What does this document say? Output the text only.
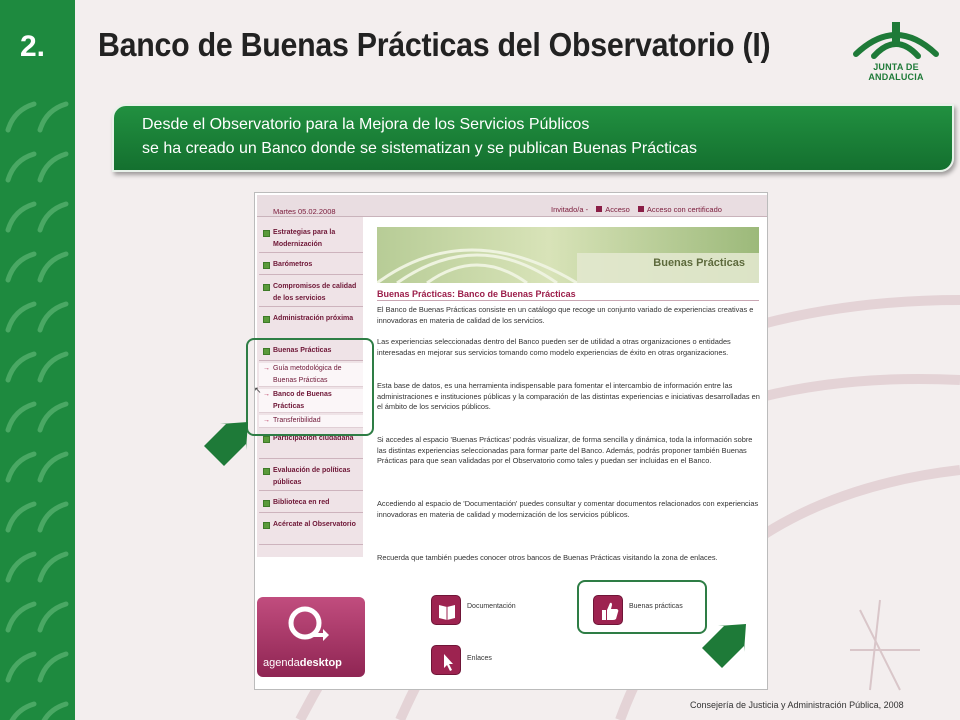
2. Banco de Buenas Prácticas del Observatorio (I)
JUNTA DE ANDALUCIA

Desde el Observatorio para la Mejora de los Servicios Públicos

se ha creado un Banco donde se sistematizan y se publican Buenas Prácticas

Martes 05.02.2008	Invitado/a - Acceso Acceso con certificado
Estrategias para la Modernización
Barómetros
Compromisos de calidad de los servicios
Administración próxima
Buenas Prácticas
→ Guía metodológica de Buenas Prácticas
→ Banco de Buenas Prácticas
→ Transferibilidad
Participación ciudadana
Evaluación de políticas públicas
Biblioteca en red
Acércate al Observatorio
Buenas Prácticas
Buenas Prácticas: Banco de Buenas Prácticas

El Banco de Buenas Prácticas consiste en un catálogo que recoge un conjunto variado de experiencias creativas e innovadoras en materia de calidad de los servicios.

Las experiencias seleccionadas dentro del Banco pueden ser de utilidad a otras organizaciones o entidades interesadas en mejorar sus servicios tomando como modelo experiencias de éxito en otras organizaciones.

Esta base de datos, es una herramienta indispensable para fomentar el intercambio de información entre las administraciones e instituciones públicas y la comparación de las distintas experiencias e iniciativas desarrolladas en el ámbito de los servicios públicos.

Si accedes al espacio 'Buenas Prácticas' podrás visualizar, de forma sencilla y dinámica, toda la información sobre las distintas experiencias seleccionadas para formar parte del Banco. Además, podrás proponer también Buenas Prácticas para que sean validadas por el Observatorio como tales y puedan ser incluidas en el Banco.

Accediendo al espacio de 'Documentación' puedes consultar y comentar documentos relacionados con experiencias innovadoras en materia de calidad y modernización de los servicios públicos.

Recuerda que también puedes conocer otros bancos de Buenas Prácticas visitando la zona de enlaces.

Documentación	Buenas prácticas
Enlaces
agendadesktop
↖
Consejería de Justicia y Administración Pública, 2008
